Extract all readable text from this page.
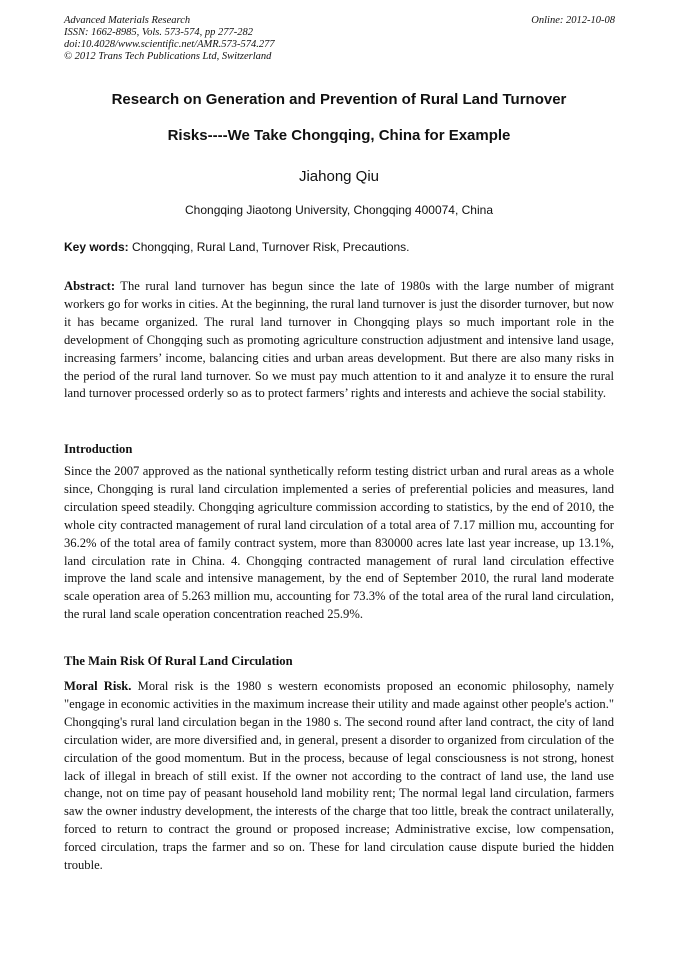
Advanced Materials Research
ISSN: 1662-8985, Vols. 573-574, pp 277-282
doi:10.4028/www.scientific.net/AMR.573-574.277
© 2012 Trans Tech Publications Ltd, Switzerland
Online: 2012-10-08
Research on Generation and Prevention of Rural Land Turnover
Risks----We Take Chongqing, China for Example
Jiahong Qiu
Chongqing Jiaotong University, Chongqing 400074, China
Key words: Chongqing, Rural Land, Turnover Risk, Precautions.
Abstract: The rural land turnover has begun since the late of 1980s with the large number of migrant workers go for works in cities. At the beginning, the rural land turnover is just the disorder turnover, but now it has became organized. The rural land turnover in Chongqing plays so much important role in the development of Chongqing such as promoting agriculture construction adjustment and intensive land usage, increasing farmers’ income, balancing cities and urban areas development. But there are also many risks in the period of the rural land turnover. So we must pay much attention to it and analyze it to ensure the rural land turnover processed orderly so as to protect farmers’ rights and interests and achieve the social stability.
Introduction
Since the 2007 approved as the national synthetically reform testing district urban and rural areas as a whole since, Chongqing is rural land circulation implemented a series of preferential policies and measures, land circulation speed steadily. Chongqing agriculture commission according to statistics, by the end of 2010, the whole city contracted management of rural land circulation of a total area of 7.17 million mu, accounting for 36.2% of the total area of family contract system, more than 830000 acres late last year increase, up 13.1%, land circulation rate in China. 4. Chongqing contracted management of rural land circulation effective improve the land scale and intensive management, by the end of September 2010, the rural land moderate scale operation area of 5.263 million mu, accounting for 73.3% of the total area of the rural land circulation, the rural land scale operation concentration reached 25.9%.
The Main Risk Of Rural Land Circulation
Moral Risk. Moral risk is the 1980 s western economists proposed an economic philosophy, namely "engage in economic activities in the maximum increase their utility and made against other people's action." Chongqing's rural land circulation began in the 1980 s. The second round after land contract, the city of land circulation wider, are more diversified and, in general, present a disorder to organized from circulation of the circulation of the good momentum. But in the process, because of legal consciousness is not strong, honest lack of illegal in breach of still exist. If the owner not according to the contract of land use, the land use change, not on time pay of peasant household land mobility rent; The normal legal land circulation, farmers saw the owner industry development, the interests of the charge that too little, break the contract unilaterally, forced to return to contract the ground or proposed increase; Administrative excise, low compensation, forced circulation, traps the farmer and so on. These for land circulation cause dispute buried the hidden trouble.
